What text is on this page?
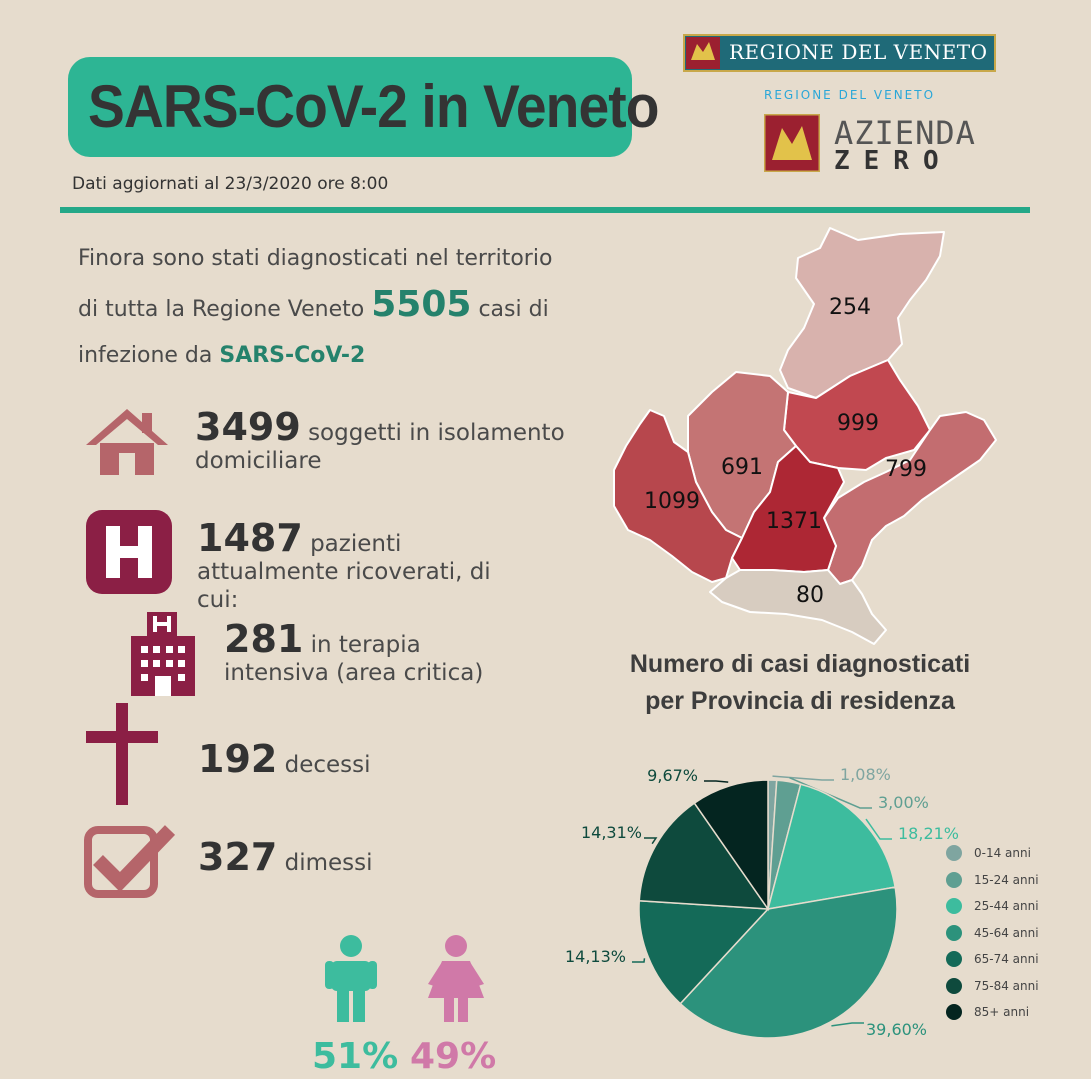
SARS-CoV-2 in Veneto
Dati aggiornati al 23/3/2020 ore 8:00
REGIONE DEL VENETO
REGIONE DEL VENETO
AZIENDA
ZERO
Finora sono stati diagnosticati nel territorio
di tutta la Regione Veneto 5505 casi di
infezione da SARS-CoV-2
3499 soggetti in isolamento
domiciliare
1487 pazienti
attualmente ricoverati, di
cui:
281 in terapia
intensiva (area critica)
192 decessi
327 dimessi
51% 49%
254
999
691	799
1099
1371
80
Numero di casi diagnosticati
per Provincia di residenza
1,08%
3,00%
18,21%
39,60%
14,13%
14,31%
9,67%
0-14 anni
15-24 anni
25-44 anni
45-64 anni
65-74 anni
75-84 anni
85+ anni
